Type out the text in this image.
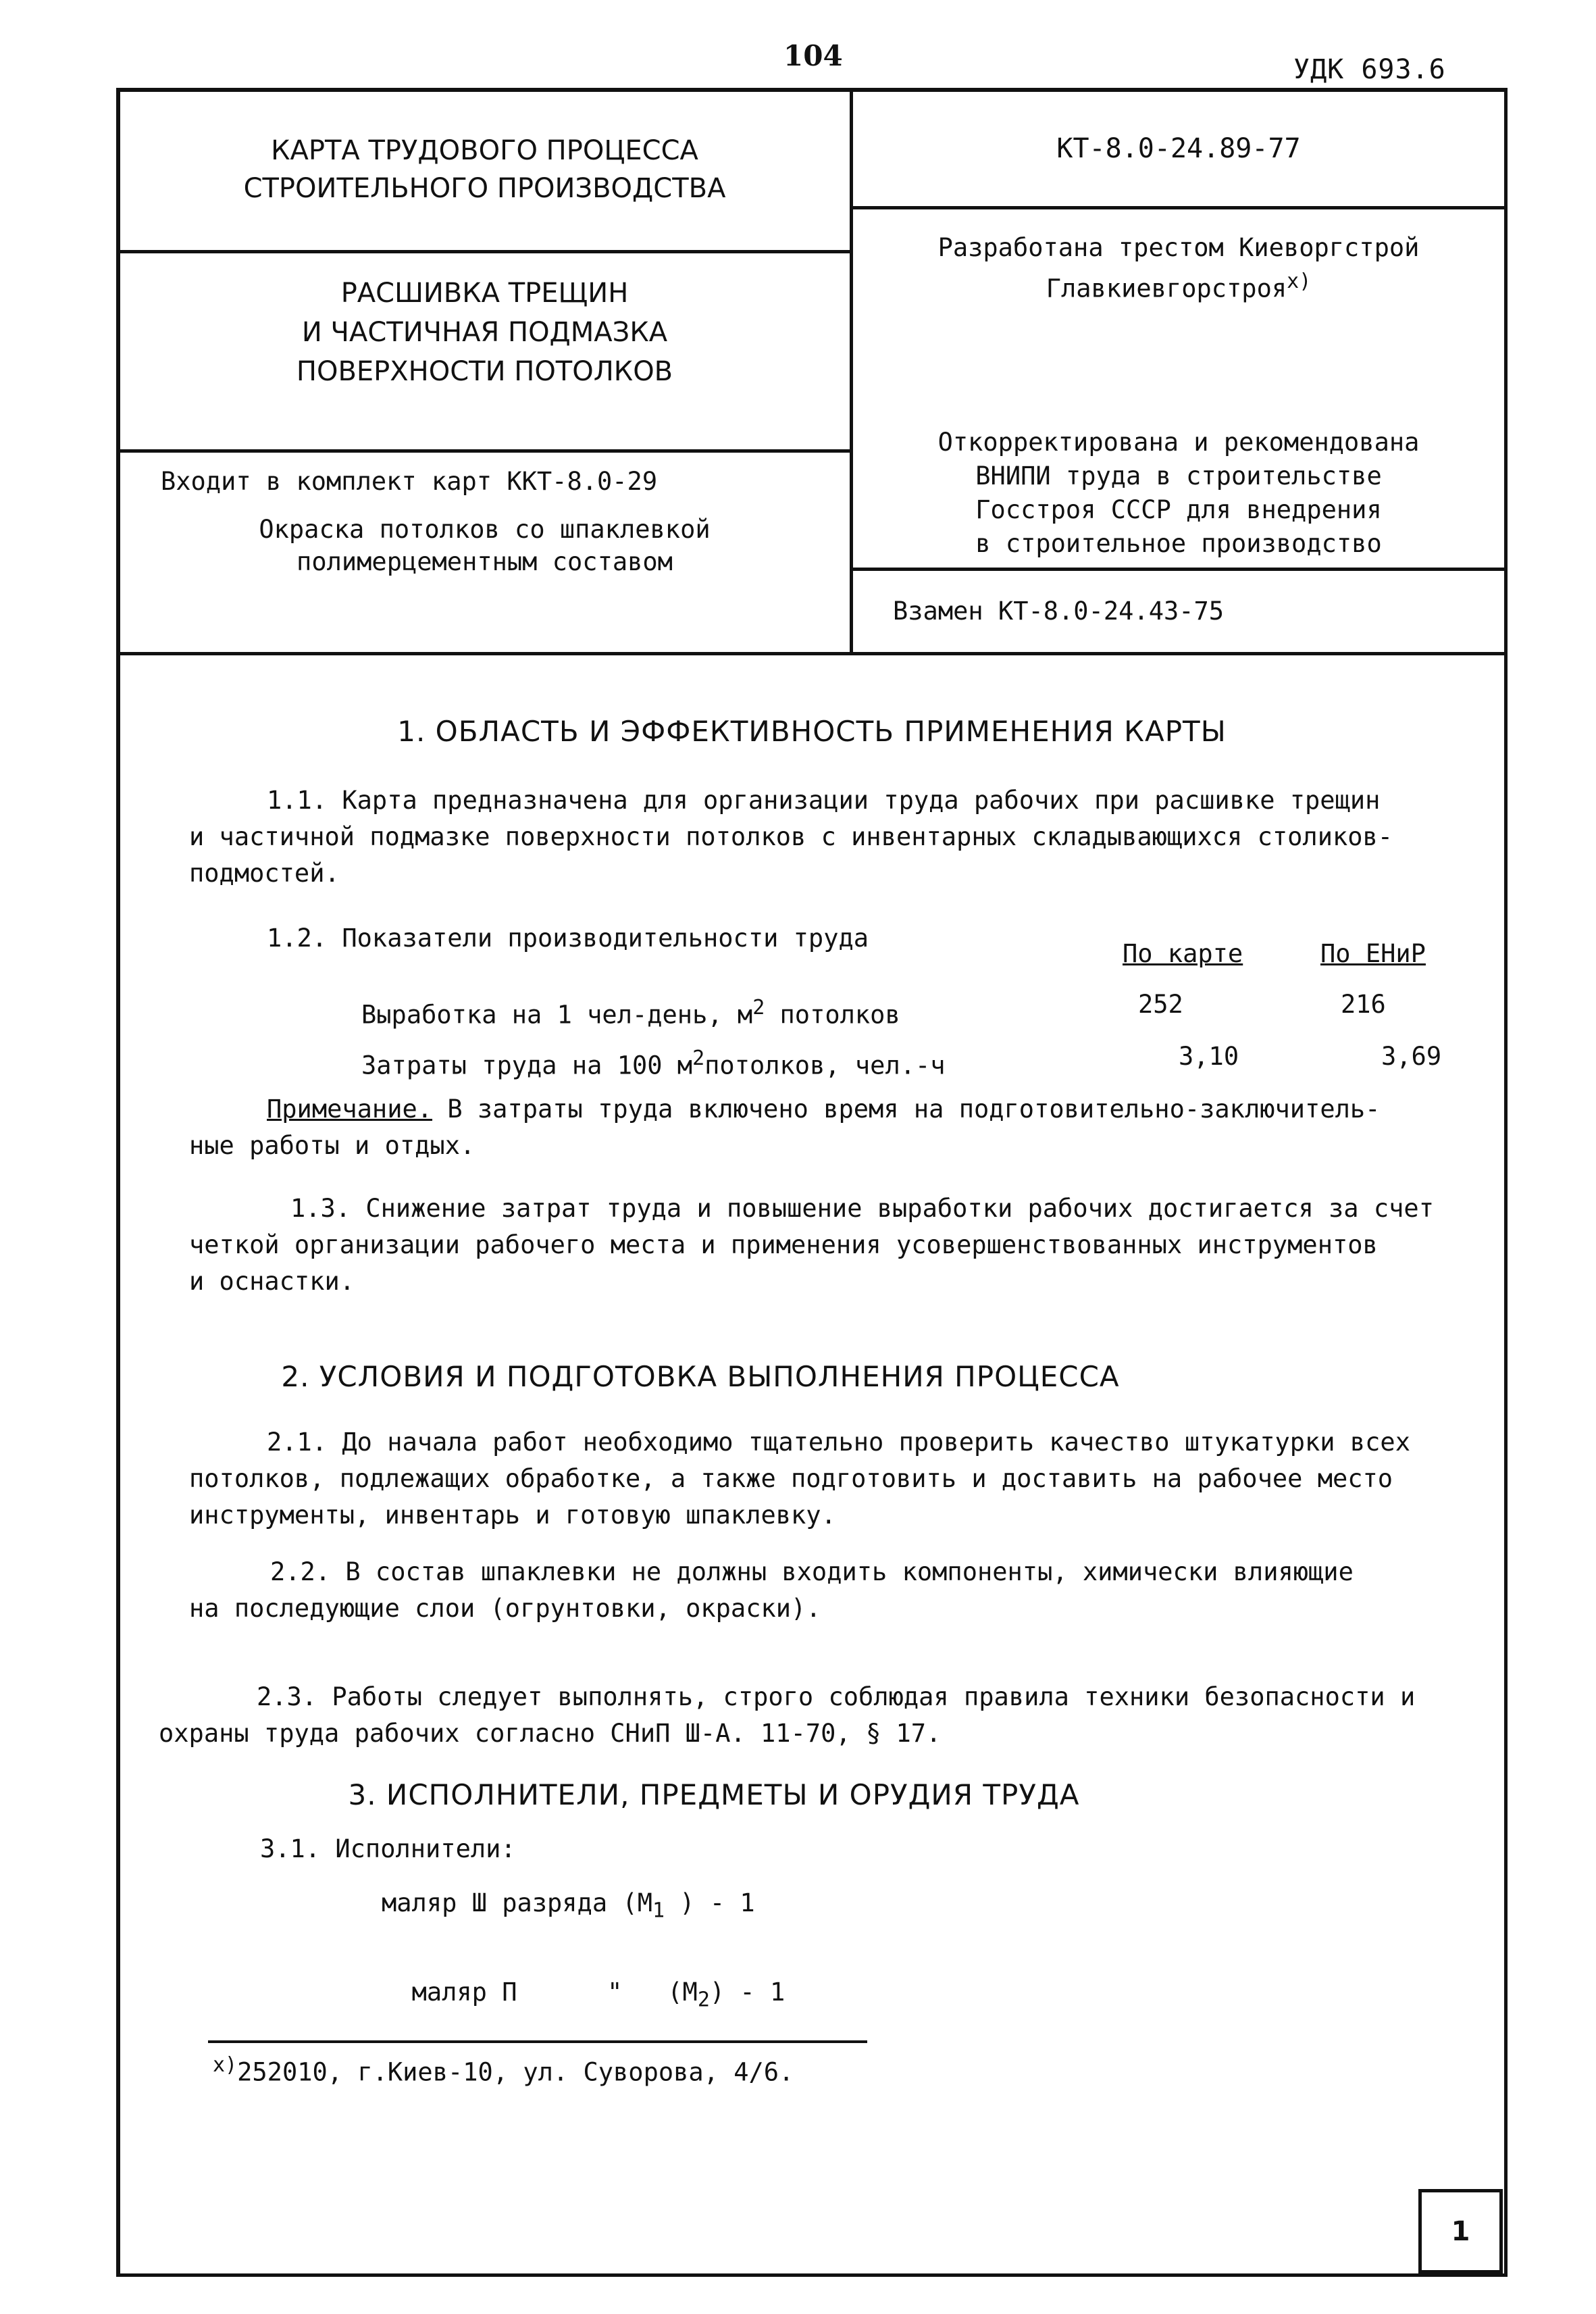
104	УДК 693.6
КАРТА ТРУДОВОГО ПРОЦЕССА
СТРОИТЕЛЬНОГО ПРОИЗВОДСТВА
КТ-8.0-24.89-77
РАСШИВКА ТРЕЩИН
И ЧАСТИЧНАЯ ПОДМАЗКА
ПОВЕРХНОСТИ ПОТОЛКОВ
Разработана трестом Киеворгстрой
Главкиевгорстроя$^{x)}$
Входит в комплект карт ККТ-8.0-29
Окраска потолков со шпаклевкой
полимерцементным составом
Откорректирована и рекомендована
ВНИПИ труда в строительстве
Госстроя СССР для внедрения
в строительное производство
Взамен КТ-8.0-24.43-75
1. ОБЛАСТЬ И ЭФФЕКТИВНОСТЬ ПРИМЕНЕНИЯ КАРТЫ
1.1. Карта предназначена для организации труда рабочих при расшивке трещин
и частичной подмазке поверхности потолков с инвентарных складывающихся столиков-
подмостей.
1.2. Показатели производительности труда
По карте	По ЕНиР
Выработка на 1 чел-день, $м^2$ потолков	252	216
Затраты труда на 100 $м^2потолков$, чел.-ч	3,10	3,69
Примечание. В затраты труда включено время на подготовительно-заключитель-
ные работы и отдых.
1.3. Снижение затрат труда и повышение выработки рабочих достигается за счет
четкой организации рабочего места и применения усовершенствованных инструментов
и оснастки.
2. УСЛОВИЯ И ПОДГОТОВКА ВЫПОЛНЕНИЯ ПРОЦЕССА
2.1. До начала работ необходимо тщательно проверить качество штукатурки всех
потолков, подлежащих обработке, а также подготовить и доставить на рабочее место
инструменты, инвентарь и готовую шпаклевку.
2.2. В состав шпаклевки не должны входить компоненты, химически влияющие
на последующие слои (огрунтовки, окраски).
2.3. Работы следует выполнять, строго соблюдая правила техники безопасности и
охраны труда рабочих согласно СНиП Ш-А. 11-70, § 17.
3. ИСПОЛНИТЕЛИ, ПРЕДМЕТЫ И ОРУДИЯ ТРУДА
3.1. Исполнители:
маляр Ш разряда ($М_1$ ) - 1

маляр П      "   $(М_2) - 1$

$^{x)}$252010, г.Киев-10, ул. Суворова, 4/6.
1
